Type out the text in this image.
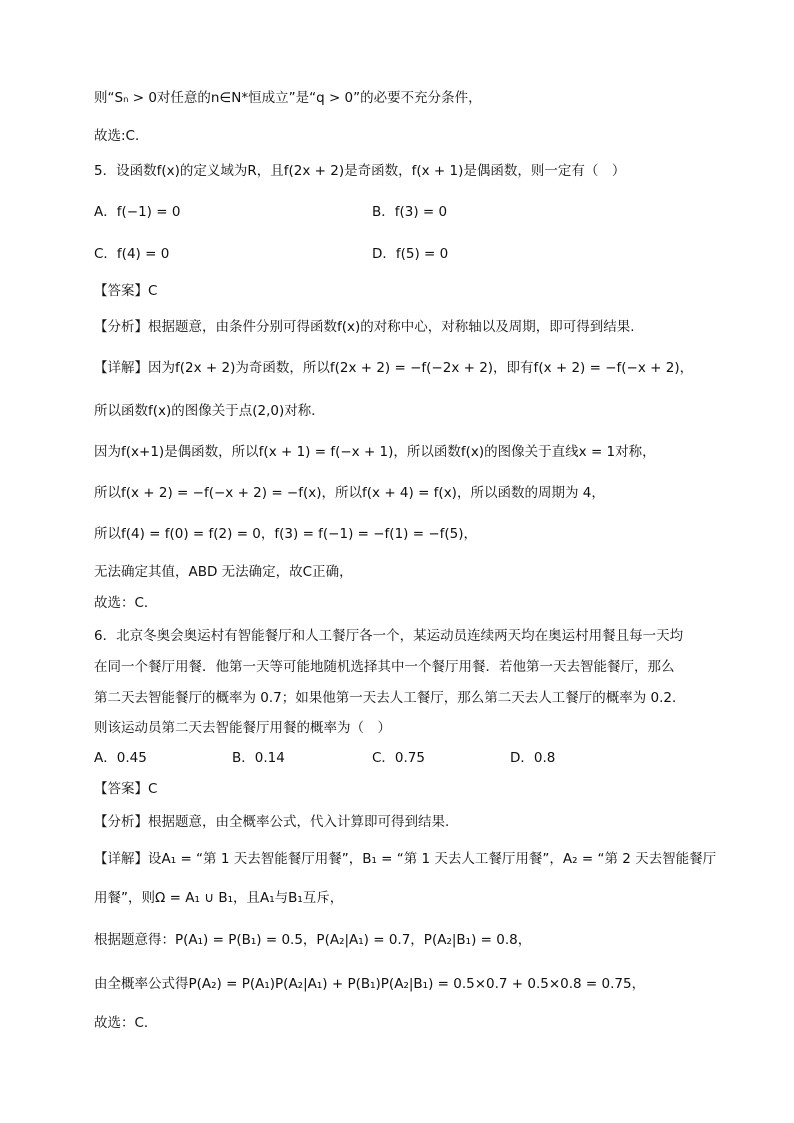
则“Sₙ > 0对任意的n∈N*恒成立”是“q > 0”的必要不充分条件，
故选:C．
5．设函数f(x)的定义域为R，且f(2x + 2)是奇函数，f(x + 1)是偶函数，则一定有（　）
A．f(−1) = 0	B．f(3) = 0
C．f(4) = 0	D．f(5) = 0
【答案】C
【分析】根据题意，由条件分别可得函数f(x)的对称中心，对称轴以及周期，即可得到结果.
【详解】因为f(2x + 2)为奇函数，所以f(2x + 2) = −f(−2x + 2)，即有f(x + 2) = −f(−x + 2)，
所以函数f(x)的图像关于点(2,0)对称．
因为f(x+1)是偶函数，所以f(x + 1) = f(−x + 1)，所以函数f(x)的图像关于直线x = 1对称，
所以f(x + 2) = −f(−x + 2) = −f(x)，所以f(x + 4) = f(x)，所以函数的周期为 4，
所以f(4) = f(0) = f(2) = 0，f(3) = f(−1) = −f(1) = −f(5)，
无法确定其值，ABD 无法确定，故C正确，
故选：C．
6．北京冬奥会奥运村有智能餐厅和人工餐厅各一个，某运动员连续两天均在奥运村用餐且每一天均
在同一个餐厅用餐．他第一天等可能地随机选择其中一个餐厅用餐．若他第一天去智能餐厅，那么
第二天去智能餐厅的概率为 0.7；如果他第一天去人工餐厅，那么第二天去人工餐厅的概率为 0.2．
则该运动员第二天去智能餐厅用餐的概率为（　）
A．0.45	B．0.14	C．0.75	D．0.8
【答案】C
【分析】根据题意，由全概率公式，代入计算即可得到结果.
【详解】设A₁ = “第 1 天去智能餐厅用餐”，B₁ = “第 1 天去人工餐厅用餐”，A₂ = “第 2 天去智能餐厅
用餐”，则Ω = A₁ ∪ B₁，且A₁与B₁互斥，
根据题意得：P(A₁) = P(B₁) = 0.5，P(A₂|A₁) = 0.7，P(A₂|B₁) = 0.8，
由全概率公式得P(A₂) = P(A₁)P(A₂|A₁) + P(B₁)P(A₂|B₁) = 0.5×0.7 + 0.5×0.8 = 0.75，
故选：C．
